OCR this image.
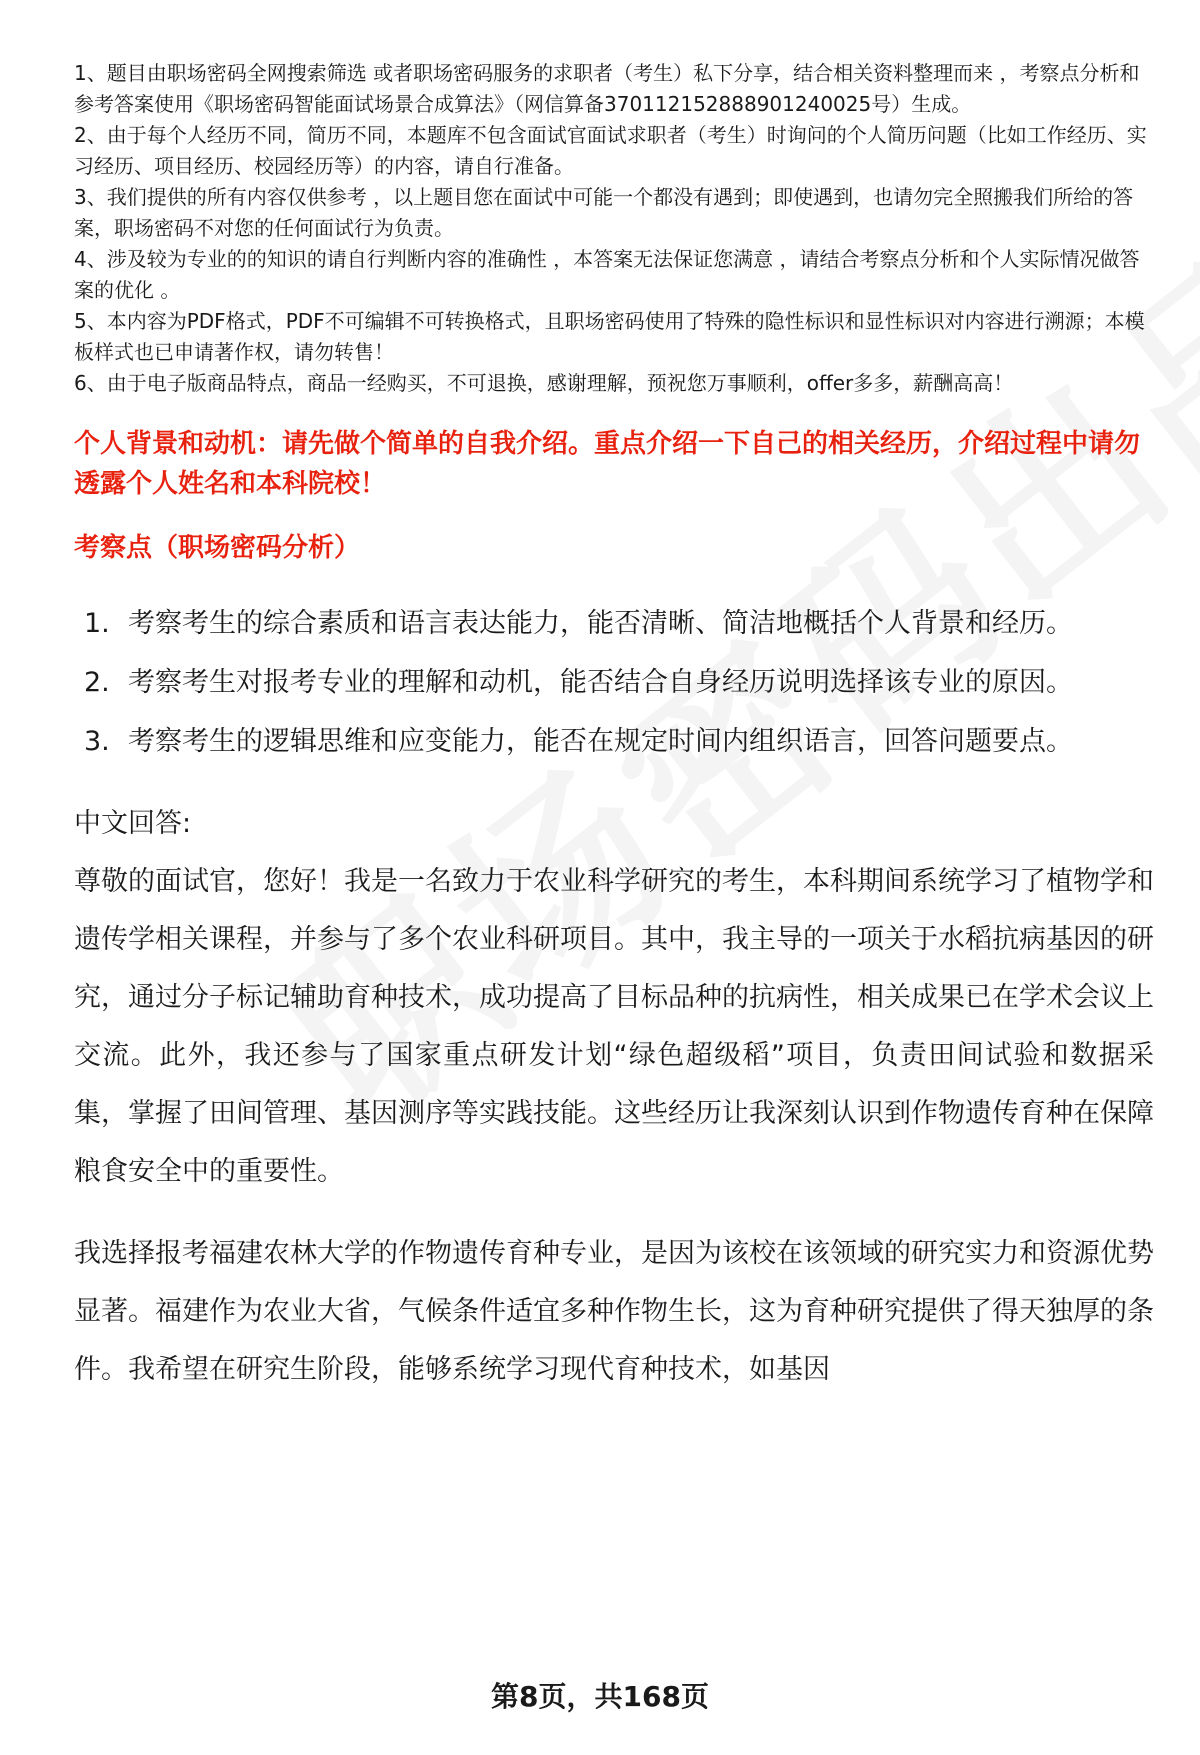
1、题目由职场密码全网搜索筛选 或者职场密码服务的求职者（考生）私下分享，结合相关资料整理而来 ，考察点分析和参考答案使用《职场密码智能面试场景合成算法》（网信算备370112152888901240025号）生成。

2、由于每个人经历不同，简历不同，本题库不包含面试官面试求职者（考生）时询问的个人简历问题（比如工作经历、实习经历、项目经历、校园经历等）的内容，请自行准备。

3、我们提供的所有内容仅供参考 ，以上题目您在面试中可能一个都没有遇到；即使遇到，也请勿完全照搬我们所给的答案，职场密码不对您的任何面试行为负责。

4、涉及较为专业的的知识的请自行判断内容的准确性 ，本答案无法保证您满意 ，请结合考察点分析和个人实际情况做答案的优化 。

5、本内容为PDF格式，PDF不可编辑不可转换格式，且职场密码使用了特殊的隐性标识和显性标识对内容进行溯源；本模板样式也已申请著作权，请勿转售！

6、由于电子版商品特点，商品一经购买，不可退换，感谢理解，预祝您万事顺利，offer多多，薪酬高高！

个人背景和动机：请先做个简单的自我介绍。重点介绍一下自己的相关经历，介绍过程中请勿透露个人姓名和本科院校！
考察点（职场密码分析）
1. 考察考生的综合素质和语言表达能力，能否清晰、简洁地概括个人背景和经历。
2. 考察考生对报考专业的理解和动机，能否结合自身经历说明选择该专业的原因。
3. 考察考生的逻辑思维和应变能力，能否在规定时间内组织语言，回答问题要点。
中文回答:

尊敬的面试官，您好！我是一名致力于农业科学研究的考生，本科期间系统学习了植物学和遗传学相关课程，并参与了多个农业科研项目。其中，我主导的一项关于水稻抗病基因的研究，通过分子标记辅助育种技术，成功提高了目标品种的抗病性，相关成果已在学术会议上交流。此外，我还参与了国家重点研发计划“绿色超级稻”项目，负责田间试验和数据采集，掌握了田间管理、基因测序等实践技能。这些经历让我深刻认识到作物遗传育种在保障粮食安全中的重要性。

我选择报考福建农林大学的作物遗传育种专业，是因为该校在该领域的研究实力和资源优势显著。福建作为农业大省，气候条件适宜多种作物生长，这为育种研究提供了得天独厚的条件。我希望在研究生阶段，能够系统学习现代育种技术，如基因

第8页，共168页
